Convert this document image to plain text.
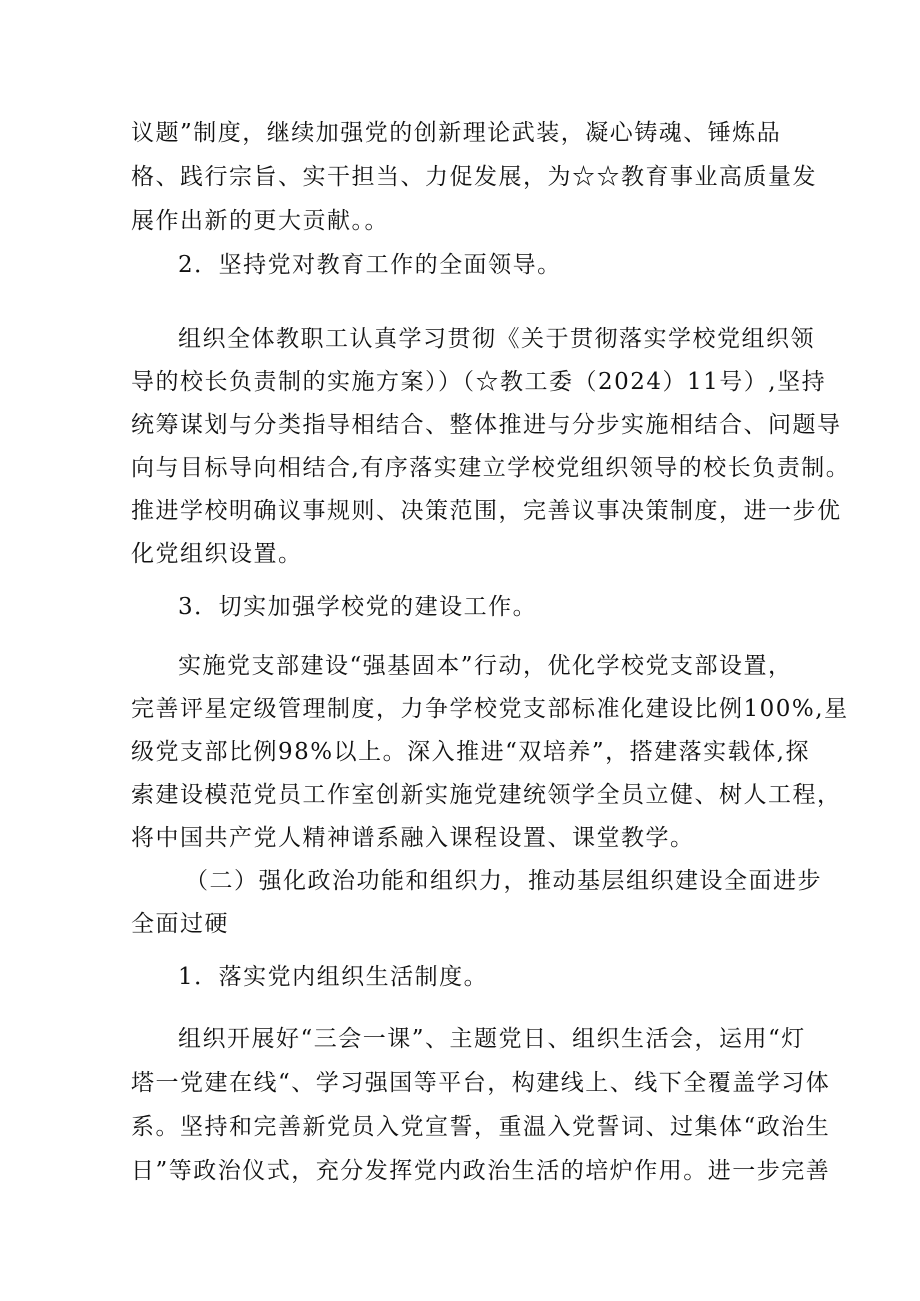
议题”制度，继续加强党的创新理论武装，凝心铸魂、锤炼品
格、践行宗旨、实干担当、力促发展，为☆☆教育事业高质量发
展作出新的更大贡献。。
2．坚持党对教育工作的全面领导。
组织全体教职工认真学习贯彻《关于贯彻落实学校党组织领
导的校长负责制的实施方案））（☆教工委（2024）11号）,坚持
统筹谋划与分类指导相结合、整体推进与分步实施相结合、问题导
向与目标导向相结合,有序落实建立学校党组织领导的校长负责制。
推进学校明确议事规则、决策范围，完善议事决策制度，进一步优
化党组织设置。
3．切实加强学校党的建设工作。
实施党支部建设“强基固本”行动，优化学校党支部设置，
完善评星定级管理制度，力争学校党支部标准化建设比例100%,星
级党支部比例98%以上。深入推进“双培养”，搭建落实载体,探
索建设模范党员工作室创新实施党建统领学全员立健、树人工程，
将中国共产党人精神谱系融入课程设置、课堂教学。
（二）强化政治功能和组织力，推动基层组织建设全面进步
全面过硬
1．落实党内组织生活制度。
组织开展好“三会一课”、主题党日、组织生活会，运用“灯
塔一党建在线“、学习强国等平台，构建线上、线下全覆盖学习体
系。坚持和完善新党员入党宣誓，重温入党誓词、过集体“政治生
日”等政治仪式，充分发挥党内政治生活的培炉作用。进一步完善
